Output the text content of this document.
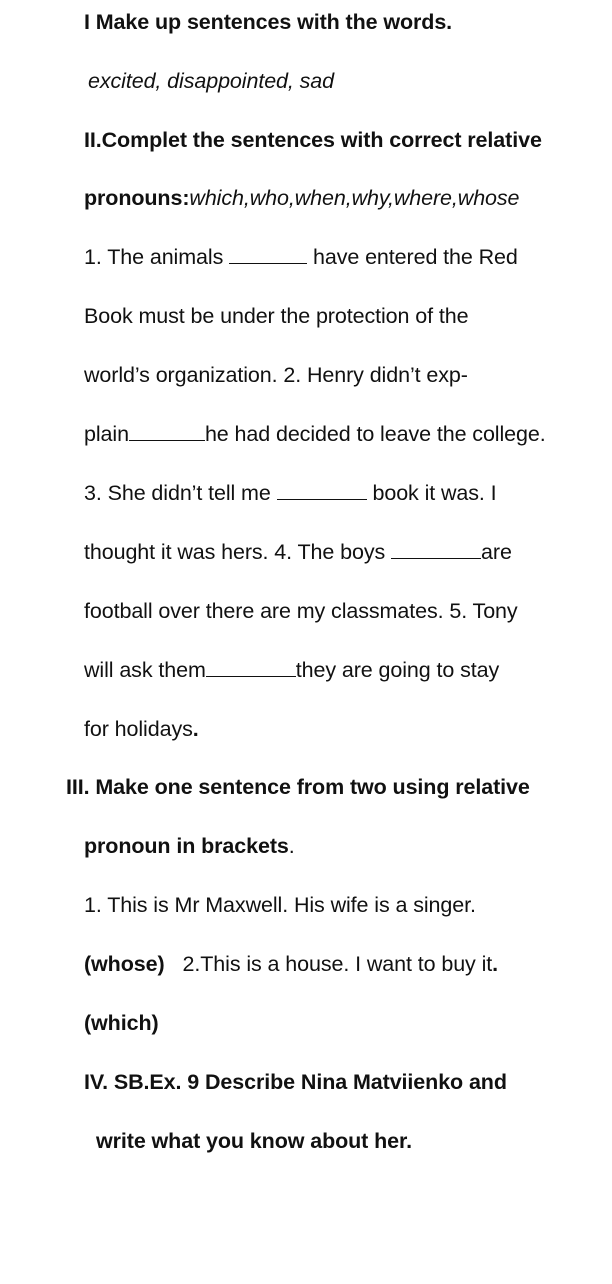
I Make up sentences with the words.
excited, disappointed, sad
II.Complet the sentences with correct relative
pronouns:which,who,when,why,where,whose
1. The animals	have entered the Red
Book must be under the protection of the
world’s organization. 2. Henry didn’t exp-
plain	he had decided to leave the college.
3. She didn’t tell me	book it was. I
thought it was hers. 4. The boys	are
football over there are my classmates. 5. Tony
will ask them	they are going to stay
for holidays.
III. Make one sentence from two using relative
pronoun in brackets.
1. This is Mr Maxwell. His wife is a singer.
(whose) 2.This is a house. I want to buy it.
(which)
IV. SB.Ex. 9 Describe Nina Matviienko and
write what you know about her.
